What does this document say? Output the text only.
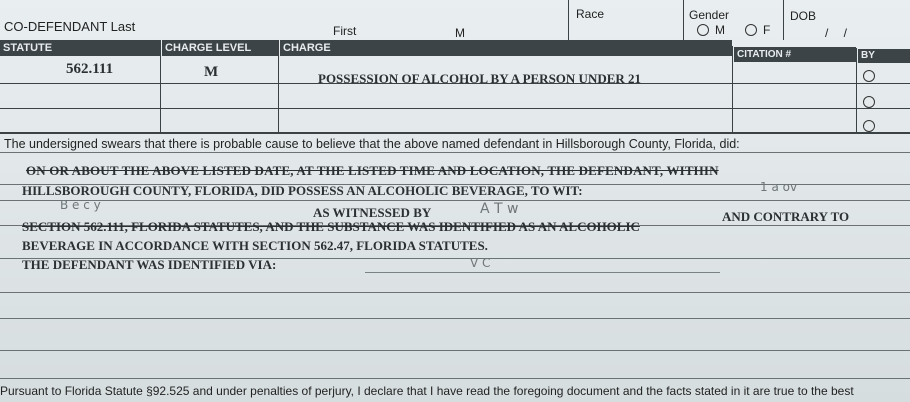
CO-DEFENDANT Last	First	M
Race	Gender
M	F
DOB
/ /
STATUTE	CHARGE LEVEL	CHARGE
CITATION #	BY
562.111	M	POSSESSION OF ALCOHOL BY A PERSON UNDER 21
The undersigned swears that there is probable cause to believe that the above named defendant in Hillsborough County, Florida, did:
ON OR ABOUT THE ABOVE LISTED DATE, AT THE LISTED TIME AND LOCATION, THE DEFENDANT, WITHIN
HILLSBOROUGH COUNTY, FLORIDA, DID POSSESS AN ALCOHOLIC BEVERAGE, TO WIT:	1 a ov
B e c y	AS WITNESSED BY	A T w	AND CONTRARY TO
SECTION 562.111, FLORIDA STATUTES, AND THE SUBSTANCE WAS IDENTIFIED AS AN ALCOHOLIC
BEVERAGE IN ACCORDANCE WITH SECTION 562.47, FLORIDA STATUTES.
THE DEFENDANT WAS IDENTIFIED VIA:	V C
Pursuant to Florida Statute §92.525 and under penalties of perjury, I declare that I have read the foregoing document and the facts stated in it are true to the best
